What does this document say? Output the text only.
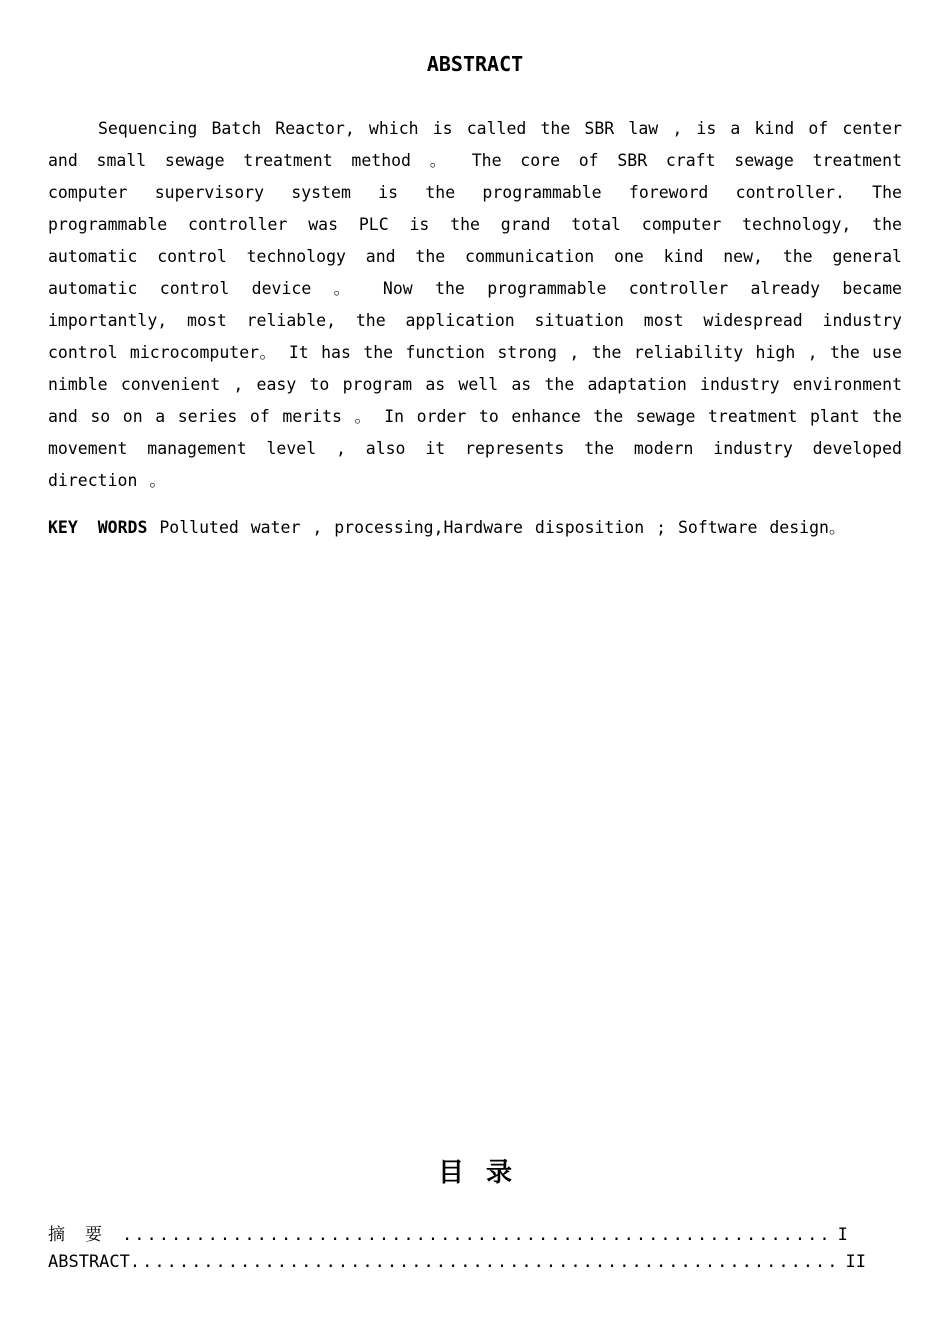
ABSTRACT

Sequencing Batch Reactor, which is called the SBR law , is a kind of center and small sewage treatment method 。 The core of SBR craft sewage treatment computer supervisory system is the programmable foreword controller. The programmable controller was PLC is the grand total computer technology, the automatic control technology and the communication one kind new, the general automatic control device 。 Now the programmable controller already became importantly, most reliable, the application situation most widespread industry control microcomputer。 It has the function strong , the reliability high , the use nimble convenient , easy to program as well as the adaptation industry environment and so on a series of merits 。 In order to enhance the sewage treatment plant the movement management level , also it represents the modern industry developed direction 。

KEY WORDS Polluted water , processing,Hardware disposition ; Software design。

目录
摘要 .......................................................... I
ABSTRACT .......................................................... II
